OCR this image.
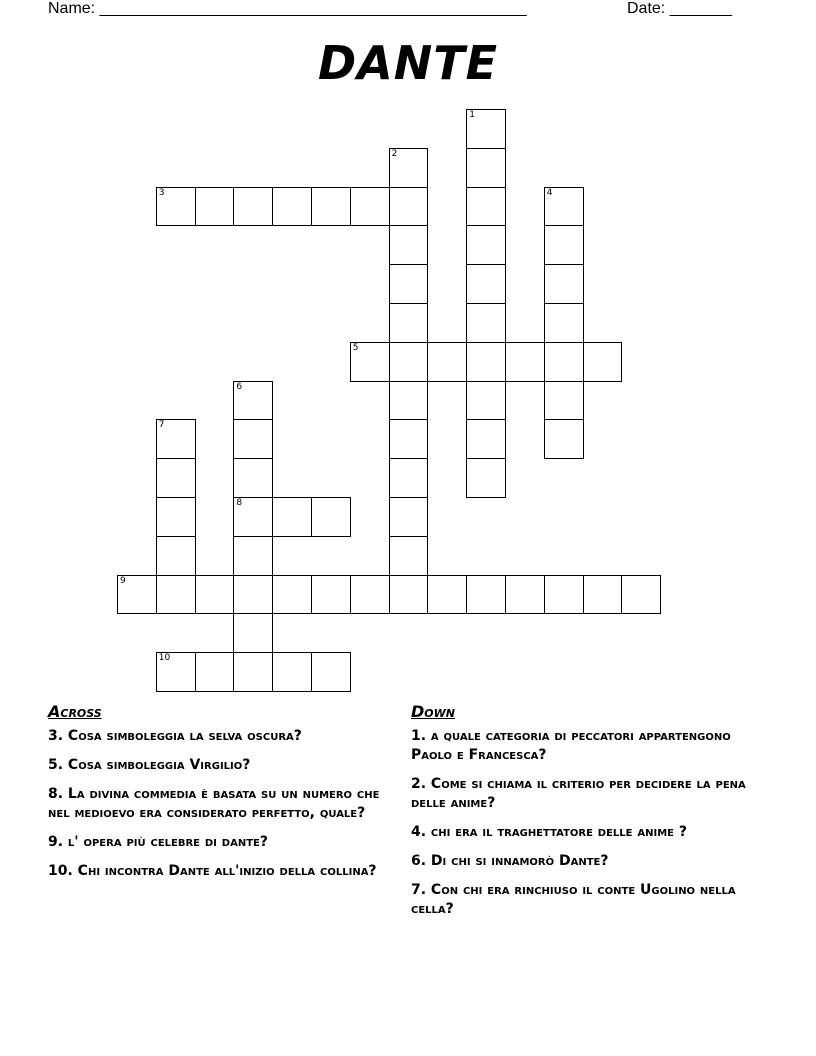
Name: ________________________________________________	Date: _______
DANTE
1
2
3	4
5
6
8
7
9
10
Across
3. Cosa simboleggia la selva oscura?
5. Cosa simboleggia Virgilio?
8. La divina commedia è basata su un numero che nel medioevo era considerato perfetto, quale?
9. l' opera più celebre di dante?
10. Chi incontra Dante all'inizio della collina?
Down
1. a quale categoria di peccatori appartengono Paolo e Francesca?
2. Come si chiama il criterio per decidere la pena delle anime?
4. chi era il traghettatore delle anime ?
6. Di chi si innamorò Dante?
7. Con chi era rinchiuso il conte Ugolino nella cella?
